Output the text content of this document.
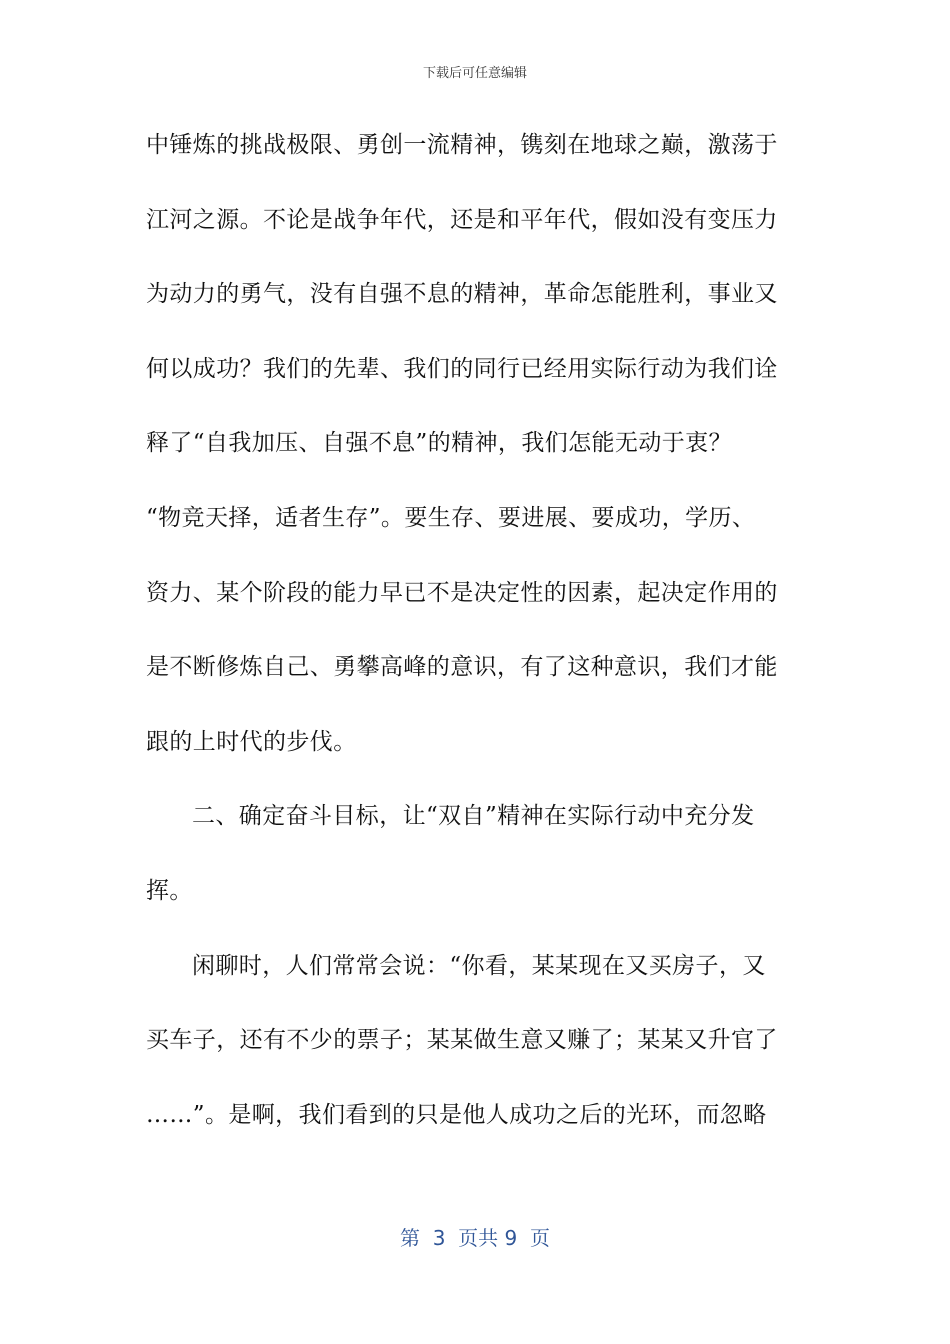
下载后可任意编辑
中锤炼的挑战极限、勇创一流精神，镌刻在地球之巅，激荡于
江河之源。不论是战争年代，还是和平年代，假如没有变压力
为动力的勇气，没有自强不息的精神，革命怎能胜利，事业又
何以成功？我们的先辈、我们的同行已经用实际行动为我们诠
释了“自我加压、自强不息”的精神，我们怎能无动于衷？
“物竞天择，适者生存”。要生存、要进展、要成功，学历、
资力、某个阶段的能力早已不是决定性的因素，起决定作用的
是不断修炼自己、勇攀高峰的意识，有了这种意识，我们才能
跟的上时代的步伐。
二、确定奋斗目标，让“双自”精神在实际行动中充分发
挥。
闲聊时，人们常常会说：“你看，某某现在又买房子，又
买车子，还有不少的票子；某某做生意又赚了；某某又升官了
……”。是啊，我们看到的只是他人成功之后的光环，而忽略
第  3  页共 9  页
